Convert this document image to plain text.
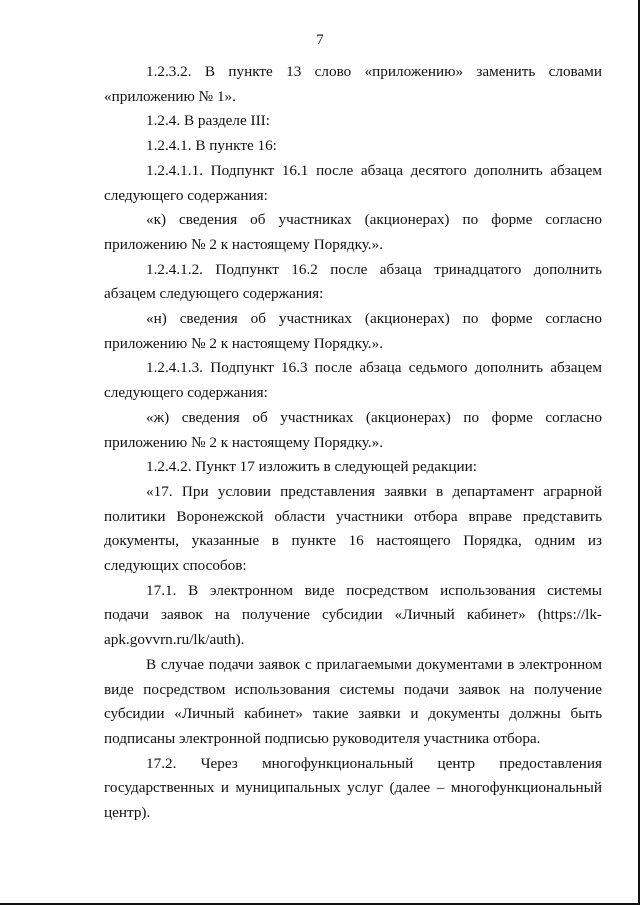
7

1.2.3.2. В пункте 13 слово «приложению» заменить словами «приложению № 1».

1.2.4. В разделе III:

1.2.4.1. В пункте 16:

1.2.4.1.1. Подпункт 16.1 после абзаца десятого дополнить абзацем следующего содержания:

«к) сведения об участниках (акционерах) по форме согласно приложению № 2 к настоящему Порядку.».

1.2.4.1.2. Подпункт 16.2 после абзаца тринадцатого дополнить абзацем следующего содержания:

«н) сведения об участниках (акционерах) по форме согласно приложению № 2 к настоящему Порядку.».

1.2.4.1.3. Подпункт 16.3 после абзаца седьмого дополнить абзацем следующего содержания:

«ж) сведения об участниках (акционерах) по форме согласно приложению № 2 к настоящему Порядку.».

1.2.4.2. Пункт 17 изложить в следующей редакции:

«17. При условии представления заявки в департамент аграрной политики Воронежской области участники отбора вправе представить документы, указанные в пункте 16 настоящего Порядка, одним из следующих способов:

17.1. В электронном виде посредством использования системы подачи заявок на получение субсидии «Личный кабинет» (https://lk-apk.govvrn.ru/lk/auth).

В случае подачи заявок с прилагаемыми документами в электронном виде посредством использования системы подачи заявок на получение субсидии «Личный кабинет» такие заявки и документы должны быть подписаны электронной подписью руководителя участника отбора.

17.2. Через многофункциональный центр предоставления государственных и муниципальных услуг (далее – многофункциональный центр).
